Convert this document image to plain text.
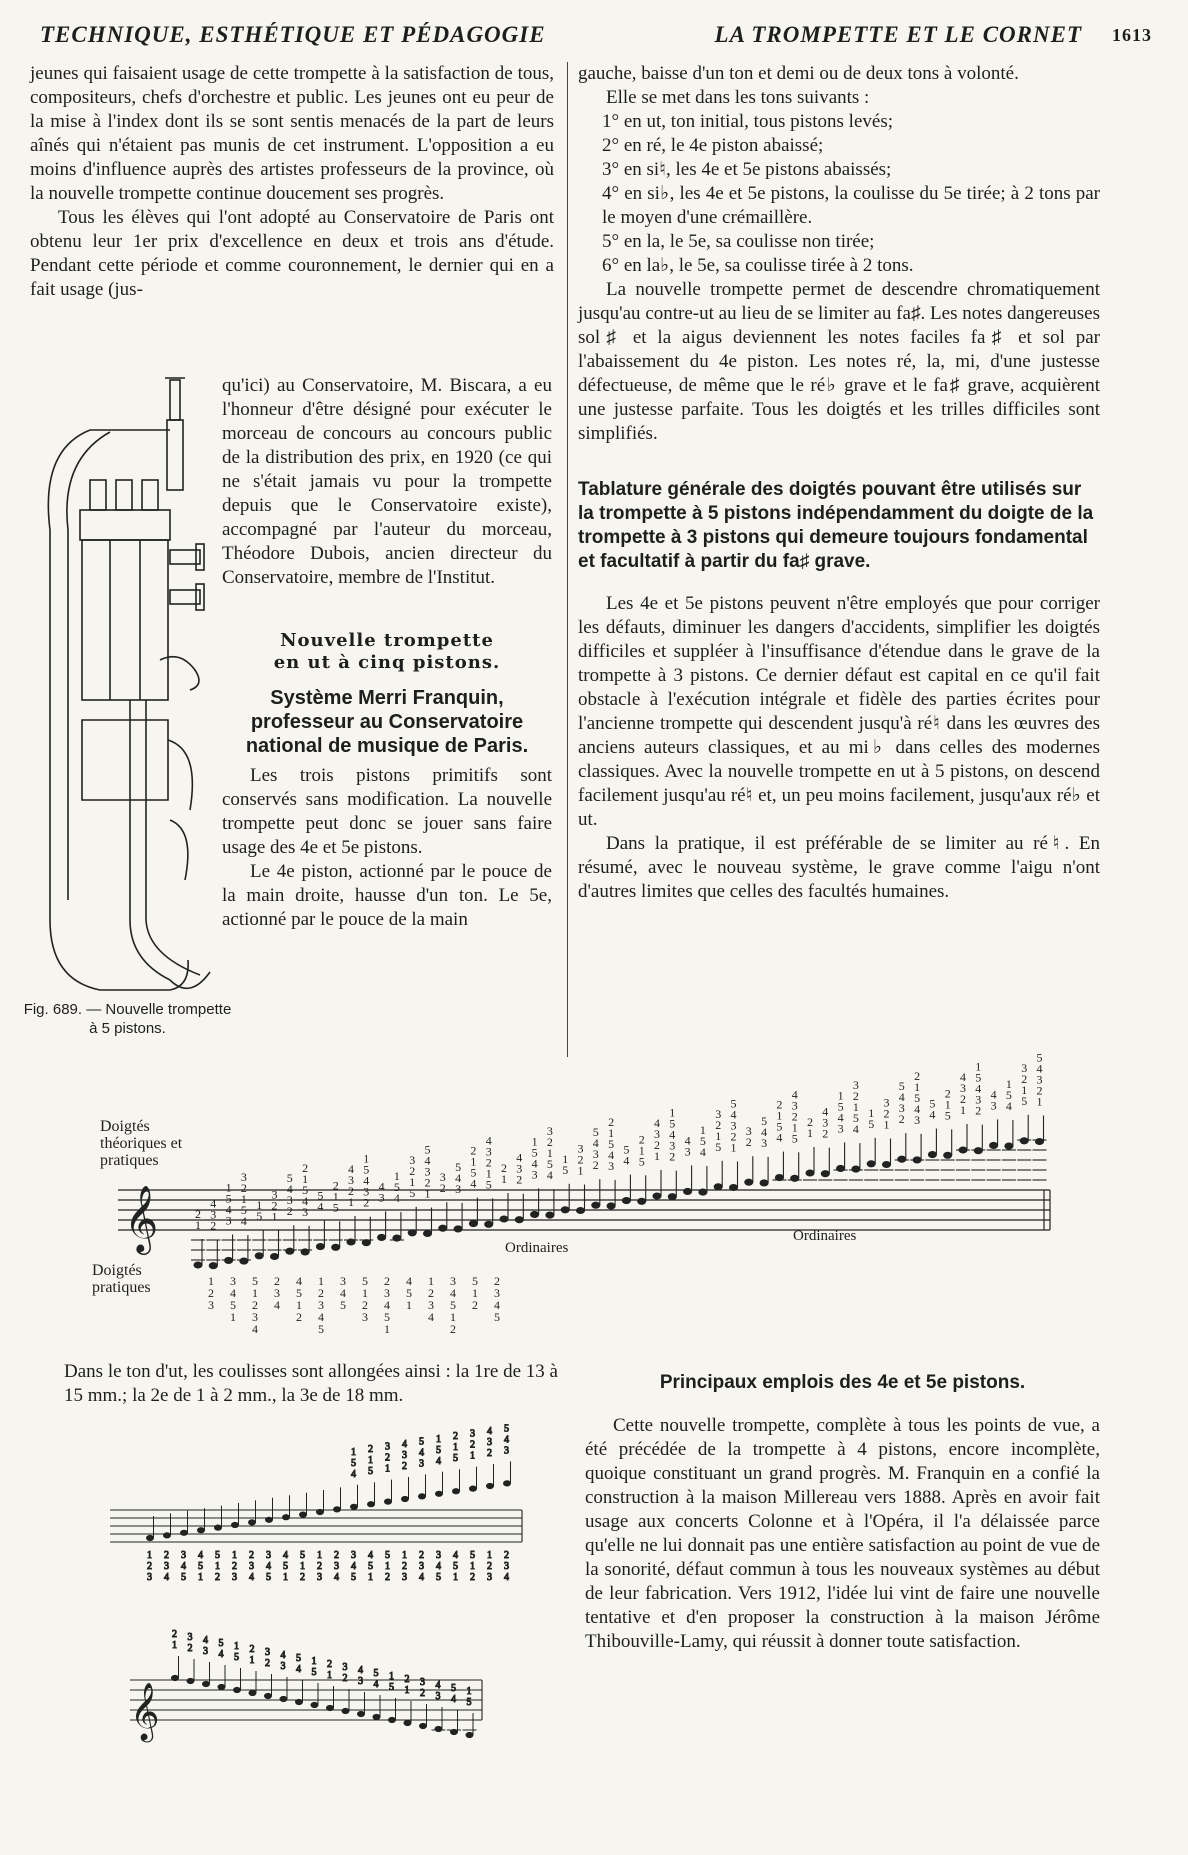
TECHNIQUE, ESTHÉTIQUE ET PÉDAGOGIE	LA TROMPETTE ET LE CORNET 1613

jeunes qui faisaient usage de cette trompette à la satisfaction de tous, compositeurs, chefs d'orchestre et public. Les jeunes ont eu peur de la mise à l'index dont ils se sont sentis menacés de la part de leurs aînés qui n'étaient pas munis de cet instrument. L'opposition a eu moins d'influence auprès des artistes professeurs de la province, où la nouvelle trompette continue doucement ses progrès.

Tous les élèves qui l'ont adopté au Conservatoire de Paris ont obtenu leur 1er prix d'excellence en deux et trois ans d'étude. Pendant cette période et comme couronnement, le dernier qui en a fait usage (jus-

qu'ici) au Conservatoire, M. Biscara, a eu l'honneur d'être désigné pour exécuter le morceau de concours au concours public de la distribution des prix, en 1920 (ce qui ne s'était jamais vu pour la trompette depuis que le Conservatoire existe), accompagné par l'auteur du morceau, Théodore Dubois, ancien directeur du Conservatoire, membre de l'Institut.

Nouvelle trompette
en ut à cinq pistons.
Système Merri Franquin, professeur au Conservatoire national de musique de Paris.

Les trois pistons primitifs sont conservés sans modification. La nouvelle trompette peut donc se jouer sans faire usage des 4e et 5e pistons.

Le 4e piston, actionné par le pouce de la main droite, hausse d'un ton. Le 5e, actionné par le pouce de la main

Fig. 689. — Nouvelle trompette à 5 pistons.

gauche, baisse d'un ton et demi ou de deux tons à volonté.

Elle se met dans les tons suivants :

1° en ut, ton initial, tous pistons levés;

2° en ré, le 4e piston abaissé;

3° en si♮, les 4e et 5e pistons abaissés;

4° en si♭, les 4e et 5e pistons, la coulisse du 5e tirée; à 2 tons par le moyen d'une crémaillère.

5° en la, le 5e, sa coulisse non tirée;

6° en la♭, le 5e, sa coulisse tirée à 2 tons.

La nouvelle trompette permet de descendre chromatiquement jusqu'au contre-ut au lieu de se limiter au fa♯. Les notes dangereuses sol♯ et la aigus deviennent les notes faciles fa♯ et sol par l'abaissement du 4e piston. Les notes ré, la, mi, d'une justesse défectueuse, de même que le ré♭ grave et le fa♯ grave, acquièrent une justesse parfaite. Tous les doigtés et les trilles difficiles sont simplifiés.

Tablature générale des doigtés pouvant être utilisés sur la trompette à 5 pistons indépendamment du doigte de la trompette à 3 pistons qui demeure toujours fondamental et facultatif à partir du fa♯ grave.

Les 4e et 5e pistons peuvent n'être employés que pour corriger les défauts, diminuer les dangers d'accidents, simplifier les doigtés difficiles et suppléer à l'insuffisance d'étendue dans le grave de la trompette à 3 pistons. Ce dernier défaut est capital en ce qu'il fait obstacle à l'exécution intégrale et fidèle des parties écrites pour l'ancienne trompette qui descendent jusqu'à ré♮ dans les œuvres des anciens auteurs classiques, et au mi♭ dans celles des modernes classiques. Avec la nouvelle trompette en ut à 5 pistons, on descend facilement jusqu'au ré♮ et, un peu moins facilement, jusqu'aux ré♭ et ut.

Dans la pratique, il est préférable de se limiter au ré♮. En résumé, avec le nouveau système, le grave comme l'aigu n'ont d'autres limites que celles des facultés humaines.

Doigtés théoriques et pratiques
Doigtés pratiques
Ordinaires
Ordinaires
𝄞	1
2
2
3
4
3
4
5
1
4
5
1
2
3
5
1
1
2
3
2
3
4
5
3
4
5
1
2
4
5
5
1
2
1
2
3
4
2
3
4
5
1
3
4
4
5
1
5
1
2
3
1
2
3
4
5
2
3
3
4
5
4
5
1
2
5
1
2
3
4
1
2
2
3
4
3
4
5
1
4
5
1
2
3
5
1
1
2
3
2
3
4
5
3
4
5
1
2
4
5
5
1
2
1
2
3
4
2
3
4
5
1
3
4
4
5
1
5
1
2
3
1
2
3
4
5
2
3
3
4
5
4
5
1
2
5
1
2
3
4
1
2
2
3
4
3
4
5
1
4
5
1
2
3
5
1
1
2
3
2
3
4
5
3
4
5
1
2
4
5
5
1
2
1
2
3
4
2
3
4
5
1
3
4
4
5
1
5
1
2
3
1
2
3
4
5
1
2
3
3
4
5
1
5
1
2
3
4
2
3
4
4
5
1
2
1
2
3
4
5
3
4
5
5
1
2
3
2
3
4
5
1
4
5
1
1
2
3
4
3
4
5
1
2
5
1
2
2
3
4
5

Dans le ton d'ut, les coulisses sont allongées ainsi : la 1re de 13 à 15 mm.; la 2e de 1 à 2 mm., la 3e de 18 mm.

1
2
3
2
3
4
3
4
5
4
5
1
5
1
2
1
2
3
2
3
4
3
4
5
4
5
1
5
1
2
1
2
3
2
3
4
3
4
5
4
5
1
4
5
1
5
1
2
5
1
2
1
2
3
1
2
3
2
3
4
2
3
4
3
4
5
3
4
5
4
5
1
4
5
1
5
1
2
5
1
2
1
2
3
1
2
3
2
3
4
2
3
4
3
4
5
𝄞
1
2
2
3
3
4
4
5
5
1
1
2
2
3
3
4
4
5
5
1
1
2
2
3
3
4
4
5
5
1
1
2
2
3
3
4
4
5
5
1
Principaux emplois des 4e et 5e pistons.

Cette nouvelle trompette, complète à tous les points de vue, a été précédée de la trompette à 4 pistons, encore incomplète, quoique constituant un grand progrès. M. Franquin en a confié la construction à la maison Millereau vers 1888. Après en avoir fait usage aux concerts Colonne et à l'Opéra, il l'a délaissée parce qu'elle ne lui donnait pas une entière satisfaction au point de vue de la sonorité, défaut commun à tous les nouveaux systèmes au début de leur fabrication. Vers 1912, l'idée lui vint de faire une nouvelle tentative et d'en proposer la construction à la maison Jérôme Thibouville-Lamy, qui réussit à donner toute satisfaction.
